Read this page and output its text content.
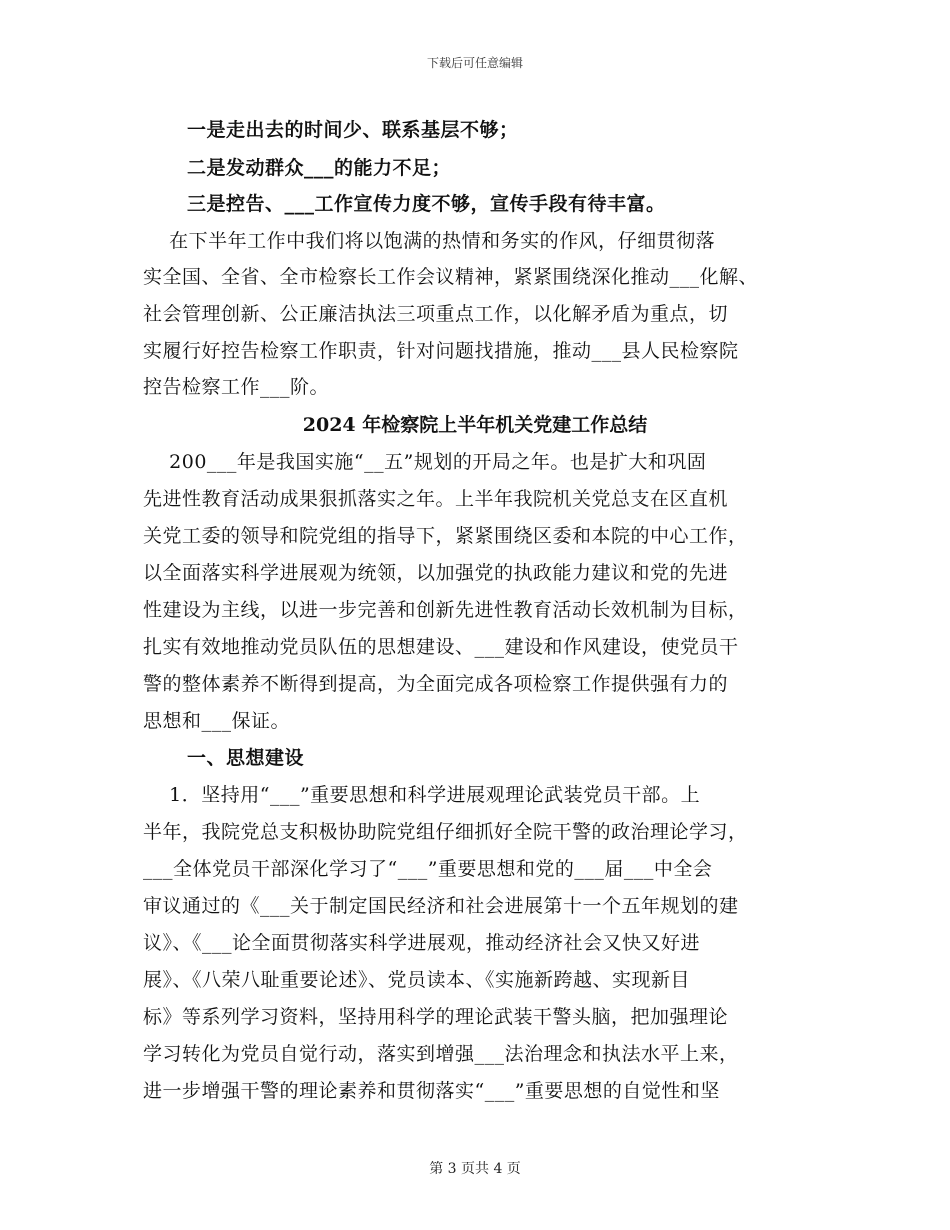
下载后可任意编辑
一是走出去的时间少、联系基层不够；
二是发动群众___的能力不足；
三是控告、___工作宣传力度不够，宣传手段有待丰富。
在下半年工作中我们将以饱满的热情和务实的作风，仔细贯彻落
实全国、全省、全市检察长工作会议精神，紧紧围绕深化推动___化解、
社会管理创新、公正廉洁执法三项重点工作，以化解矛盾为重点，切
实履行好控告检察工作职责，针对问题找措施，推动___县人民检察院
控告检察工作___阶。
2024 年检察院上半年机关党建工作总结
200___年是我国实施“__五”规划的开局之年。也是扩大和巩固
先进性教育活动成果狠抓落实之年。上半年我院机关党总支在区直机
关党工委的领导和院党组的指导下，紧紧围绕区委和本院的中心工作，
以全面落实科学进展观为统领，以加强党的执政能力建议和党的先进
性建设为主线，以进一步完善和创新先进性教育活动长效机制为目标，
扎实有效地推动党员队伍的思想建设、___建设和作风建设，使党员干
警的整体素养不断得到提高，为全面完成各项检察工作提供强有力的
思想和___保证。
一、思想建设
1．坚持用“___”重要思想和科学进展观理论武装党员干部。上
半年，我院党总支积极协助院党组仔细抓好全院干警的政治理论学习，
___全体党员干部深化学习了“___”重要思想和党的___届___中全会
审议通过的《___关于制定国民经济和社会进展第十一个五年规划的建
议》、《___论全面贯彻落实科学进展观，推动经济社会又快又好进
展》、《八荣八耻重要论述》、党员读本、《实施新跨越、实现新目
标》等系列学习资料，坚持用科学的理论武装干警头脑，把加强理论
学习转化为党员自觉行动，落实到增强___法治理念和执法水平上来，
进一步增强干警的理论素养和贯彻落实“___”重要思想的自觉性和坚
第 3 页共 4 页
